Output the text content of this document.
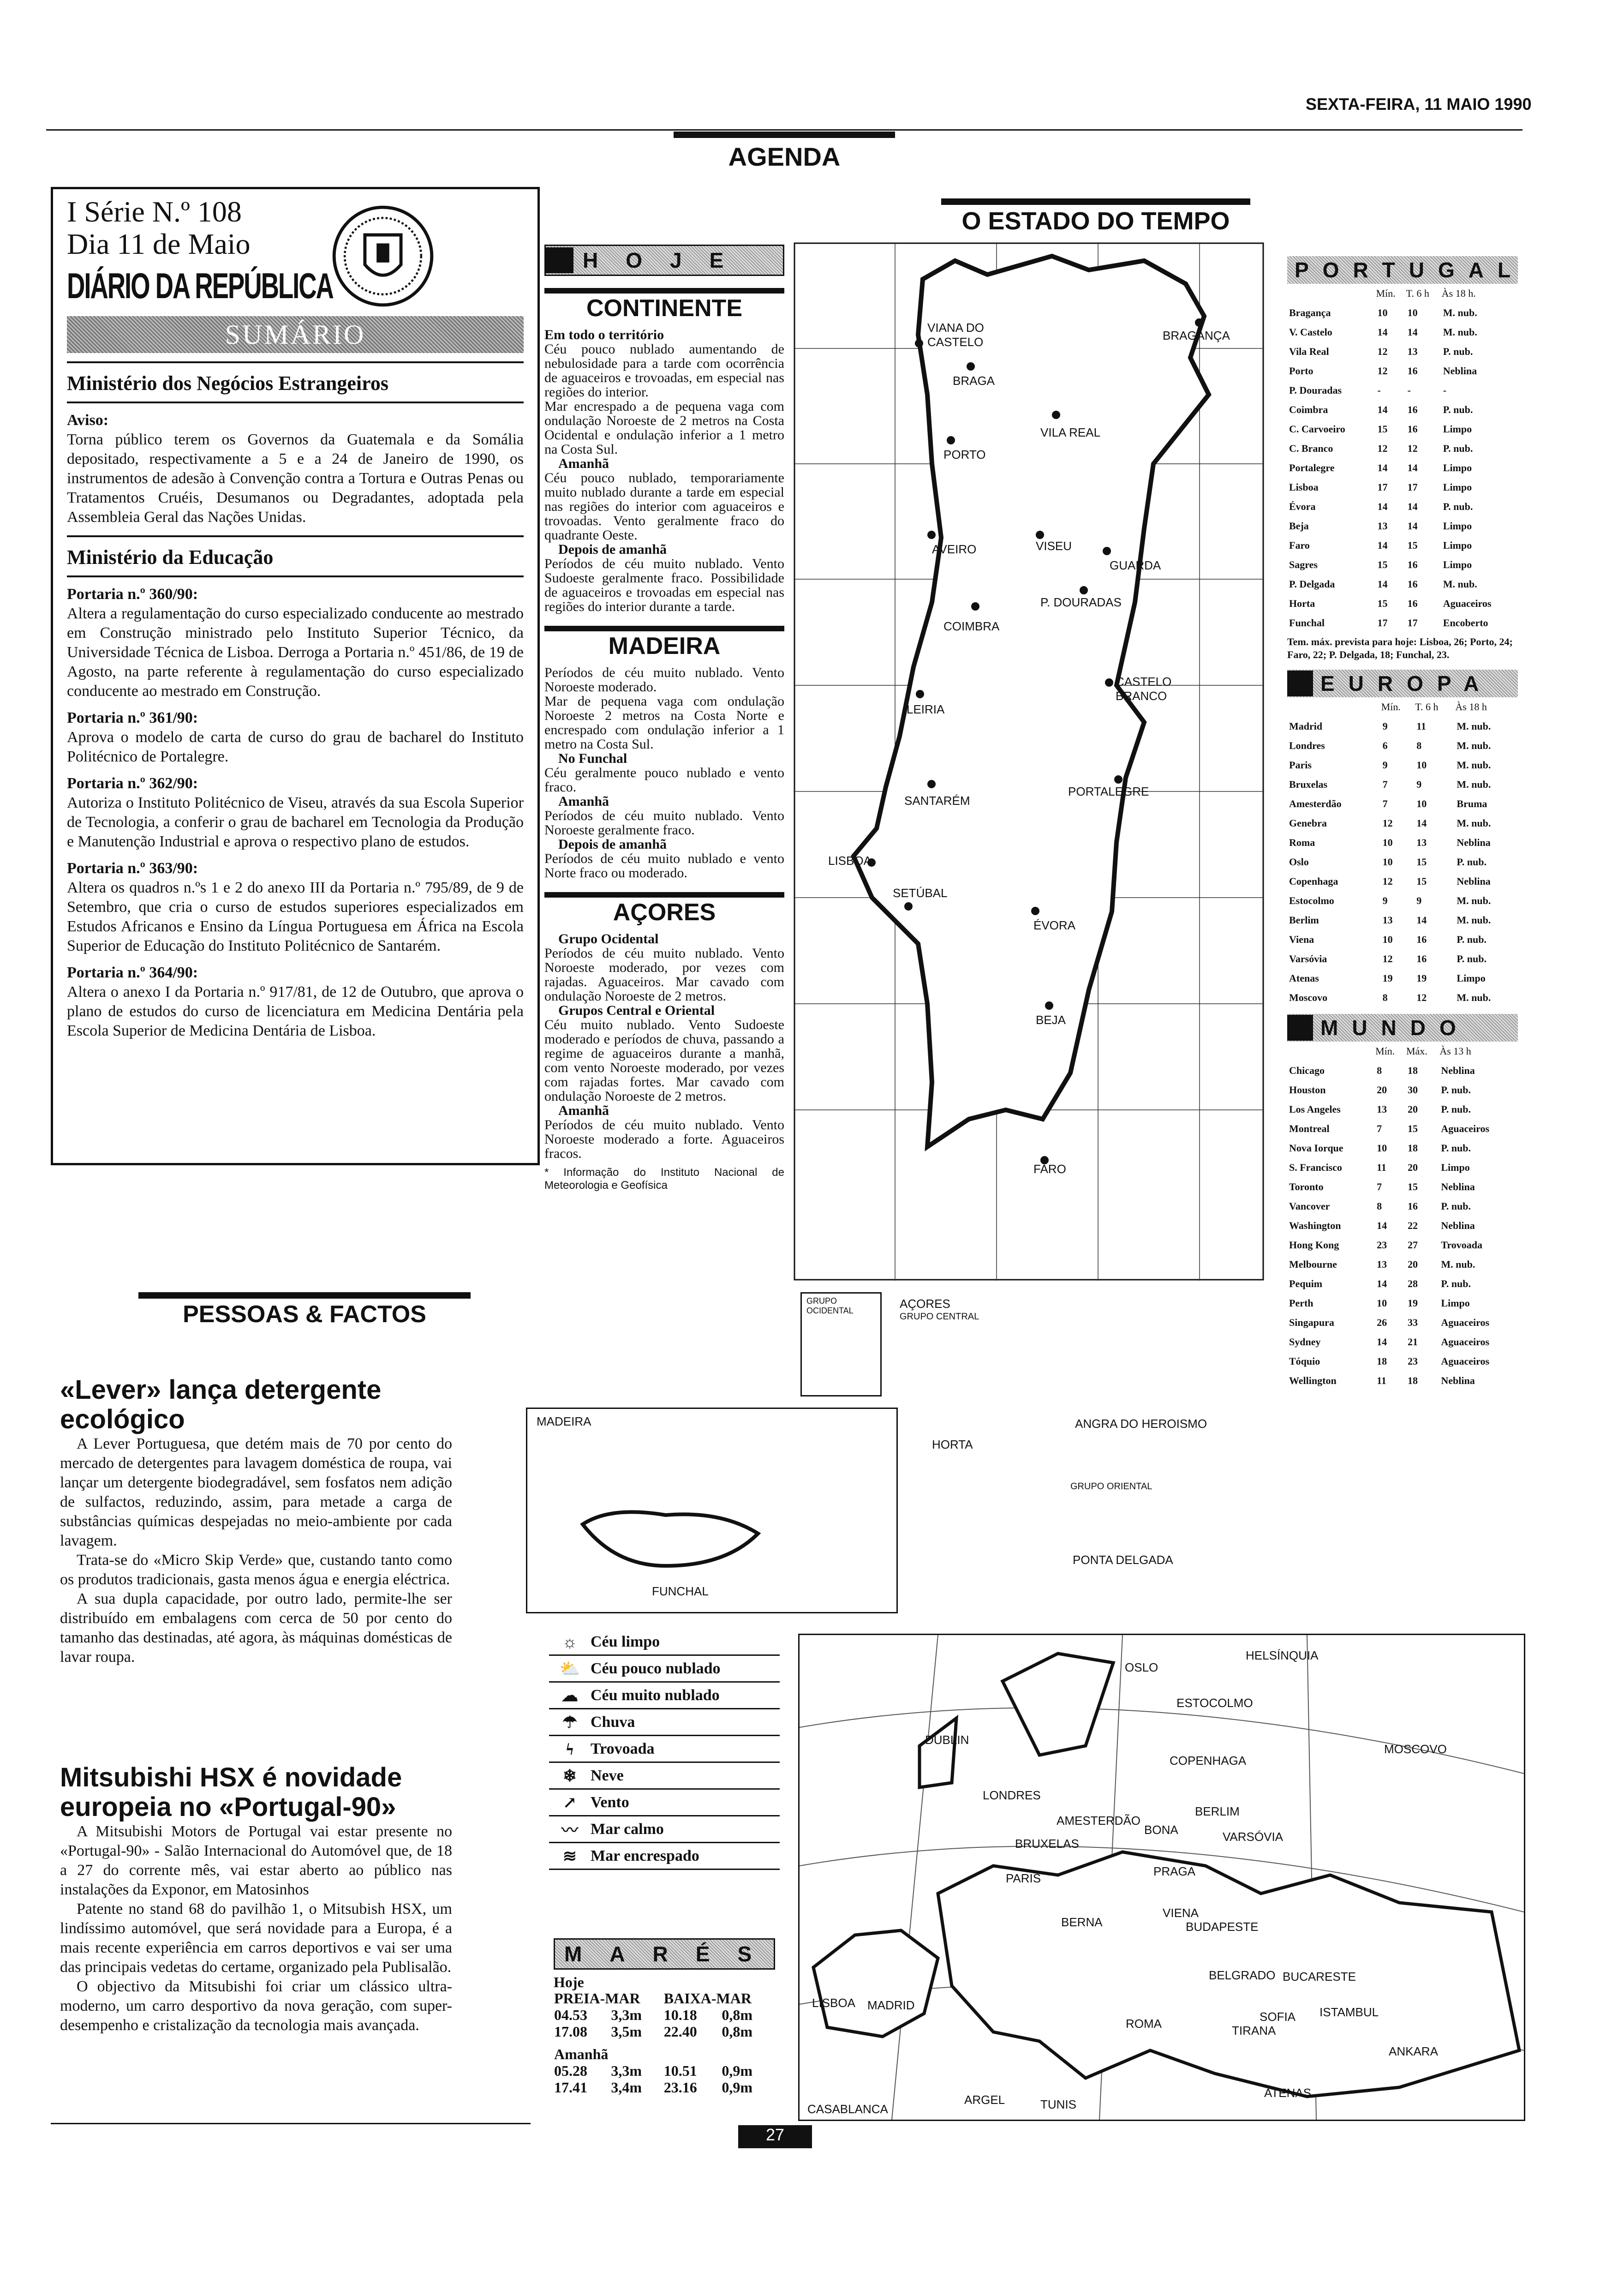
SEXTA-FEIRA, 11 MAIO 1990
AGENDA
I Série N.º 108
Dia 11 de Maio
DIÁRIO DA REPÚBLICA
SUMÁRIO
Ministério dos Negócios Estrangeiros
Aviso:
Torna público terem os Governos da Guatemala e da Somália depositado, respectivamente a 5 e a 24 de Janeiro de 1990, os instrumentos de adesão à Convenção contra a Tortura e Outras Penas ou Tratamentos Cruéis, Desumanos ou Degradantes, adoptada pela Assembleia Geral das Nações Unidas.
Ministério da Educação
Portaria n.º 360/90:
Altera a regulamentação do curso especializado conducente ao mestrado em Construção ministrado pelo Instituto Superior Técnico, da Universidade Técnica de Lisboa. Derroga a Portaria n.º 451/86, de 19 de Agosto, na parte referente à regulamentação do curso especializado conducente ao mestrado em Construção.
Portaria n.º 361/90:
Aprova o modelo de carta de curso do grau de bacharel do Instituto Politécnico de Portalegre.
Portaria n.º 362/90:
Autoriza o Instituto Politécnico de Viseu, através da sua Escola Superior de Tecnologia, a conferir o grau de bacharel em Tecnologia da Produção e Manutenção Industrial e aprova o respectivo plano de estudos.
Portaria n.º 363/90:
Altera os quadros n.ºs 1 e 2 do anexo III da Portaria n.º 795/89, de 9 de Setembro, que cria o curso de estudos superiores especializados em Estudos Africanos e Ensino da Língua Portuguesa em África na Escola Superior de Educação do Instituto Politécnico de Santarém.
Portaria n.º 364/90:
Altera o anexo I da Portaria n.º 917/81, de 12 de Outubro, que aprova o plano de estudos do curso de licenciatura em Medicina Dentária pela Escola Superior de Medicina Dentária de Lisboa.
PESSOAS & FACTOS
«Lever» lança detergente ecológico

A Lever Portuguesa, que detém mais de 70 por cento do mercado de detergentes para lavagem doméstica de roupa, vai lançar um detergente biodegradável, sem fosfatos nem adição de sulfactos, reduzindo, assim, para metade a carga de substâncias químicas despejadas no meio-ambiente por cada lavagem.

Trata-se do «Micro Skip Verde» que, custando tanto como os produtos tradicionais, gasta menos água e energia eléctrica.

A sua dupla capacidade, por outro lado, permite-lhe ser distribuído em embalagens com cerca de 50 por cento do tamanho das destinadas, até agora, às máquinas domésticas de lavar roupa.

Mitsubishi HSX é novidade europeia no «Portugal-90»

A Mitsubishi Motors de Portugal vai estar presente no «Portugal-90» - Salão Internacional do Automóvel que, de 18 a 27 do corrente mês, vai estar aberto ao público nas instalações da Exponor, em Matosinhos

Patente no stand 68 do pavilhão 1, o Mitsubish HSX, um lindíssimo automóvel, que será novidade para a Europa, é a mais recente experiência em carros deportivos e vai ser uma das principais vedetas do certame, organizado pela Publisalão.

O objectivo da Mitsubishi foi criar um clássico ultra-moderno, um carro desportivo da nova geração, com super-desempenho e cristalização da tecnologia mais avançada.

HOJE
CONTINENTE
Em todo o território
Céu pouco nublado aumentando de nebulosidade para a tarde com ocorrência de aguaceiros e trovoadas, em especial nas regiões do interior.
Mar encrespado a de pequena vaga com ondulação Noroeste de 2 metros na Costa Ocidental e ondulação inferior a 1 metro na Costa Sul.
Amanhã
Céu pouco nublado, temporariamente muito nublado durante a tarde em especial nas regiões do interior com aguaceiros e trovoadas. Vento geralmente fraco do quadrante Oeste.
Depois de amanhã
Períodos de céu muito nublado. Vento Sudoeste geralmente fraco. Possibilidade de aguaceiros e trovoadas em especial nas regiões do interior durante a tarde.
MADEIRA
Períodos de céu muito nublado. Vento Noroeste moderado.
Mar de pequena vaga com ondulação Noroeste 2 metros na Costa Norte e encrespado com ondulação inferior a 1 metro na Costa Sul.
No Funchal
Céu geralmente pouco nublado e vento fraco.
Amanhã
Períodos de céu muito nublado. Vento Noroeste geralmente fraco.
Depois de amanhã
Períodos de céu muito nublado e vento Norte fraco ou moderado.
AÇORES
Grupo Ocidental
Períodos de céu muito nublado. Vento Noroeste moderado, por vezes com rajadas. Aguaceiros. Mar cavado com ondulação Noroeste de 2 metros.
Grupos Central e Oriental
Céu muito nublado. Vento Sudoeste moderado e períodos de chuva, passando a regime de aguaceiros durante a manhã, com vento Noroeste moderado, por vezes com rajadas fortes. Mar cavado com ondulação Noroeste de 2 metros.
Amanhã
Períodos de céu muito nublado. Vento Noroeste moderado a forte. Aguaceiros fracos.
* Informação do Instituto Nacional de Meteorologia e Geofísica
O ESTADO DO TEMPO
VIANA DO CASTELO	BRAGANÇA
BRAGA
VILA REAL
PORTO
AVEIRO	VISEU
GUARDA
P. DOURADAS
COIMBRA
CASTELO BRANCO
LEIRIA
SANTARÉM
PORTALEGRE
LISBOA
SETÚBAL
ÉVORA
BEJA
FARO
MADEIRA
FUNCHAL
AÇORES
GRUPO CENTRAL
HORTA
ANGRA DO HEROISMO
GRUPO ORIENTAL
GRUPO OCIDENTAL
PONTA DELGADA
☼ Céu limpo
⛅ Céu pouco nublado
☁ Céu muito nublado
☂ Chuva
ϟ	Trovoada
❄ Neve
↗ Vento
〰 Mar calmo
≋ Mar encrespado
OSLO
HELSÍNQUIA
ESTOCOLMO
DUBLIN
COPENHAGA
MOSCOVO
LONDRES
AMESTERDÃO
BERLIM
BONA	VARSÓVIA
BRUXELAS
PARIS	PRAGA
VIENA
BERNA	BUDAPESTE
BELGRADO BUCARESTE
LISBOA MADRID
ROMA	SOFIA ISTAMBUL
TIRANA
ANKARA
ARGEL	TUNIS
ATENAS
CASABLANCA
MARÉS
Hoje
PREIA-MAR		BAIXA-MAR	
04.53	3,3m	10.18	0,8m
17.08	3,5m	22.40	0,8m
Amanhã			
05.28	3,3m	10.51	0,9m
17.41	3,4m	23.16	0,9m
PORTUGAL
	Mín.	T. 6 h	Às 18 h.
Bragança	10	10	M. nub.
V. Castelo	14	14	M. nub.
Vila Real	12	13	P. nub.
Porto	12	16	Neblina
P. Douradas	-	-	-
Coimbra	14	16	P. nub.
C. Carvoeiro	15	16	Limpo
C. Branco	12	12	P. nub.
Portalegre	14	14	Limpo
Lisboa	17	17	Limpo
Évora	14	14	P. nub.
Beja	13	14	Limpo
Faro	14	15	Limpo
Sagres	15	16	Limpo
P. Delgada	14	16	M. nub.
Horta	15	16	Aguaceiros
Funchal	17	17	Encoberto
Tem. máx. prevista para hoje: Lisboa, 26; Porto, 24; Faro, 22; P. Delgada, 18; Funchal, 23.
EUROPA
	Mín.	T. 6 h	Às 18 h
Madrid	9	11	M. nub.
Londres	6	8	M. nub.
Paris	9	10	M. nub.
Bruxelas	7	9	M. nub.
Amesterdão	7	10	Bruma
Genebra	12	14	M. nub.
Roma	10	13	Neblina
Oslo	10	15	P. nub.
Copenhaga	12	15	Neblina
Estocolmo	9	9	M. nub.
Berlim	13	14	M. nub.
Viena	10	16	P. nub.
Varsóvia	12	16	P. nub.
Atenas	19	19	Limpo
Moscovo	8	12	M. nub.
MUNDO
	Mín.	Máx.	Às 13 h
Chicago	8	18	Neblina
Houston	20	30	P. nub.
Los Angeles	13	20	P. nub.
Montreal	7	15	Aguaceiros
Nova Iorque	10	18	P. nub.
S. Francisco	11	20	Limpo
Toronto	7	15	Neblina
Vancover	8	16	P. nub.
Washington	14	22	Neblina
Hong Kong	23	27	Trovoada
Melbourne	13	20	M. nub.
Pequim	14	28	P. nub.
Perth	10	19	Limpo
Singapura	26	33	Aguaceiros
Sydney	14	21	Aguaceiros
Tóquio	18	23	Aguaceiros
Wellington	11	18	Neblina
27
